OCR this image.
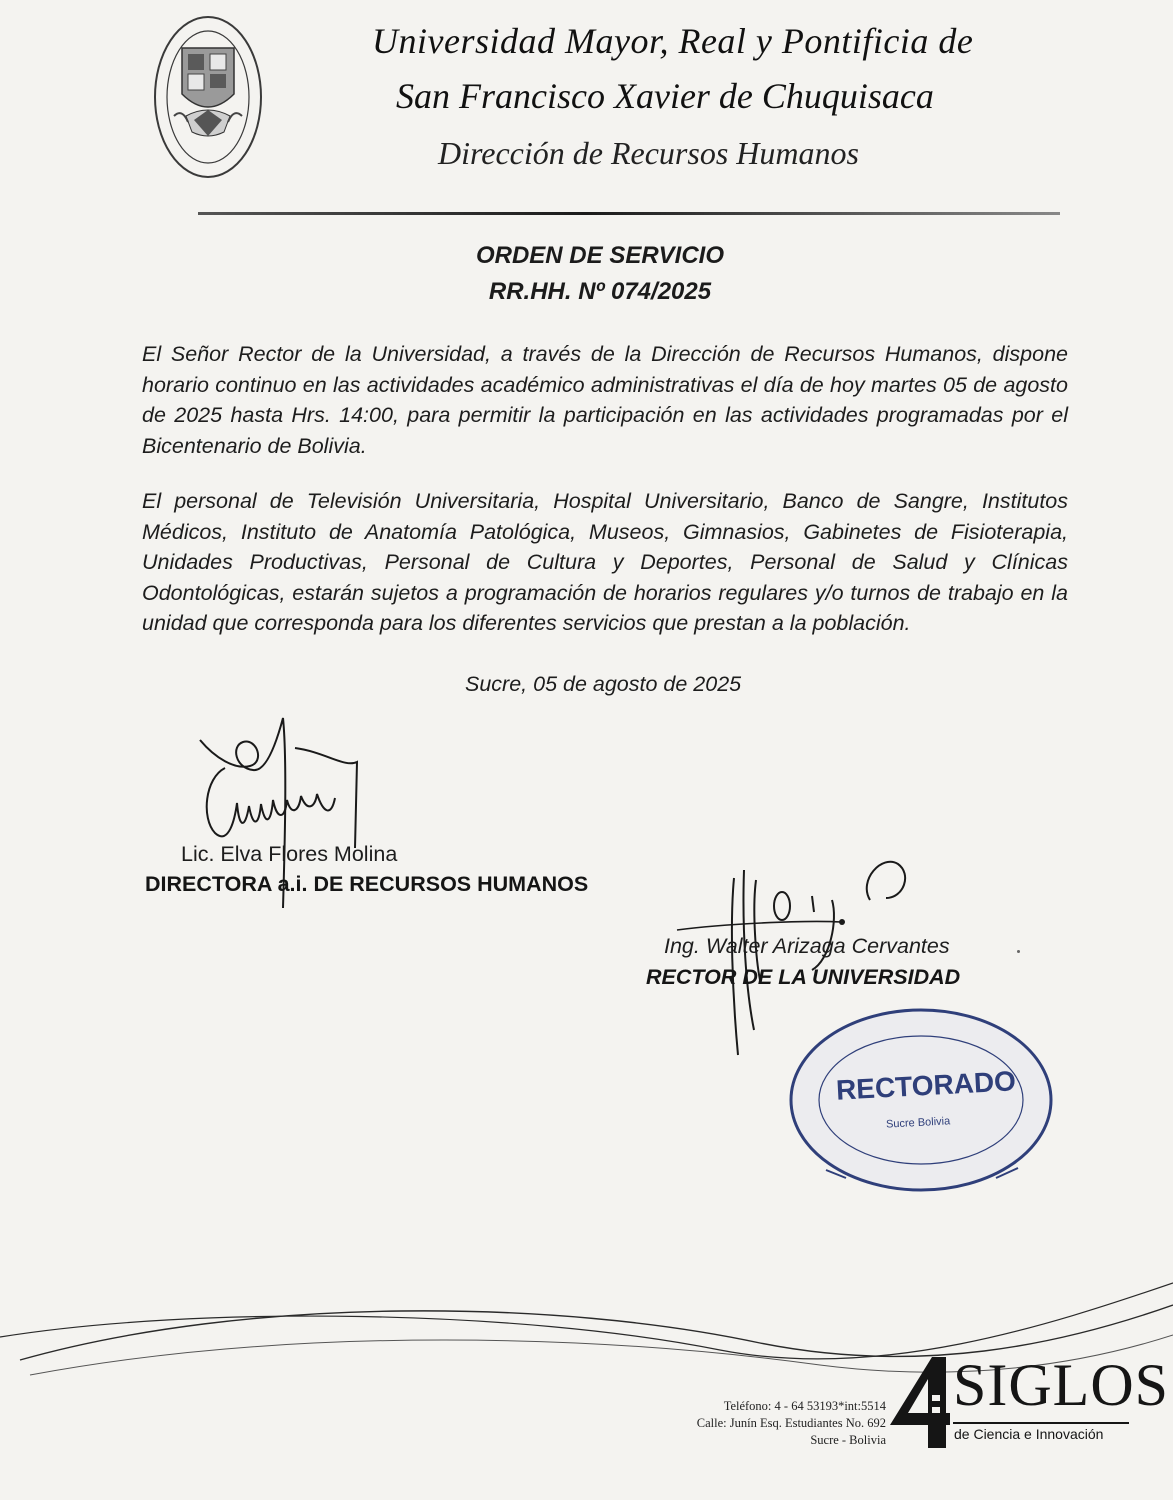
Universidad Mayor, Real y Pontificia de
San Francisco Xavier de Chuquisaca
Dirección de Recursos Humanos
ORDEN DE SERVICIO
RR.HH. Nº 074/2025
El Señor Rector de la Universidad, a través de la Dirección de Recursos Humanos, dispone horario continuo en las actividades académico administrativas el día de hoy martes 05 de agosto de 2025 hasta Hrs. 14:00, para permitir la participación en las actividades programadas por el Bicentenario de Bolivia.
El personal de Televisión Universitaria, Hospital Universitario, Banco de Sangre, Institutos Médicos, Instituto de Anatomía Patológica, Museos, Gimnasios, Gabinetes de Fisioterapia, Unidades Productivas, Personal de Cultura y Deportes, Personal de Salud y Clínicas Odontológicas, estarán sujetos a programación de horarios regulares y/o turnos de trabajo en la unidad que corresponda para los diferentes servicios que prestan a la población.
Sucre, 05 de agosto de 2025
Lic. Elva Flores Molina
DIRECTORA a.i. DE RECURSOS HUMANOS
Ing. Walter Arizaga Cervantes
RECTOR DE LA UNIVERSIDAD
RECTORADO
Sucre Bolivia
Teléfono: 4 - 64 53193*int:5514
Calle: Junín Esq. Estudiantes No. 692
Sucre - Bolivia
SIGLOS
de Ciencia e Innovación
